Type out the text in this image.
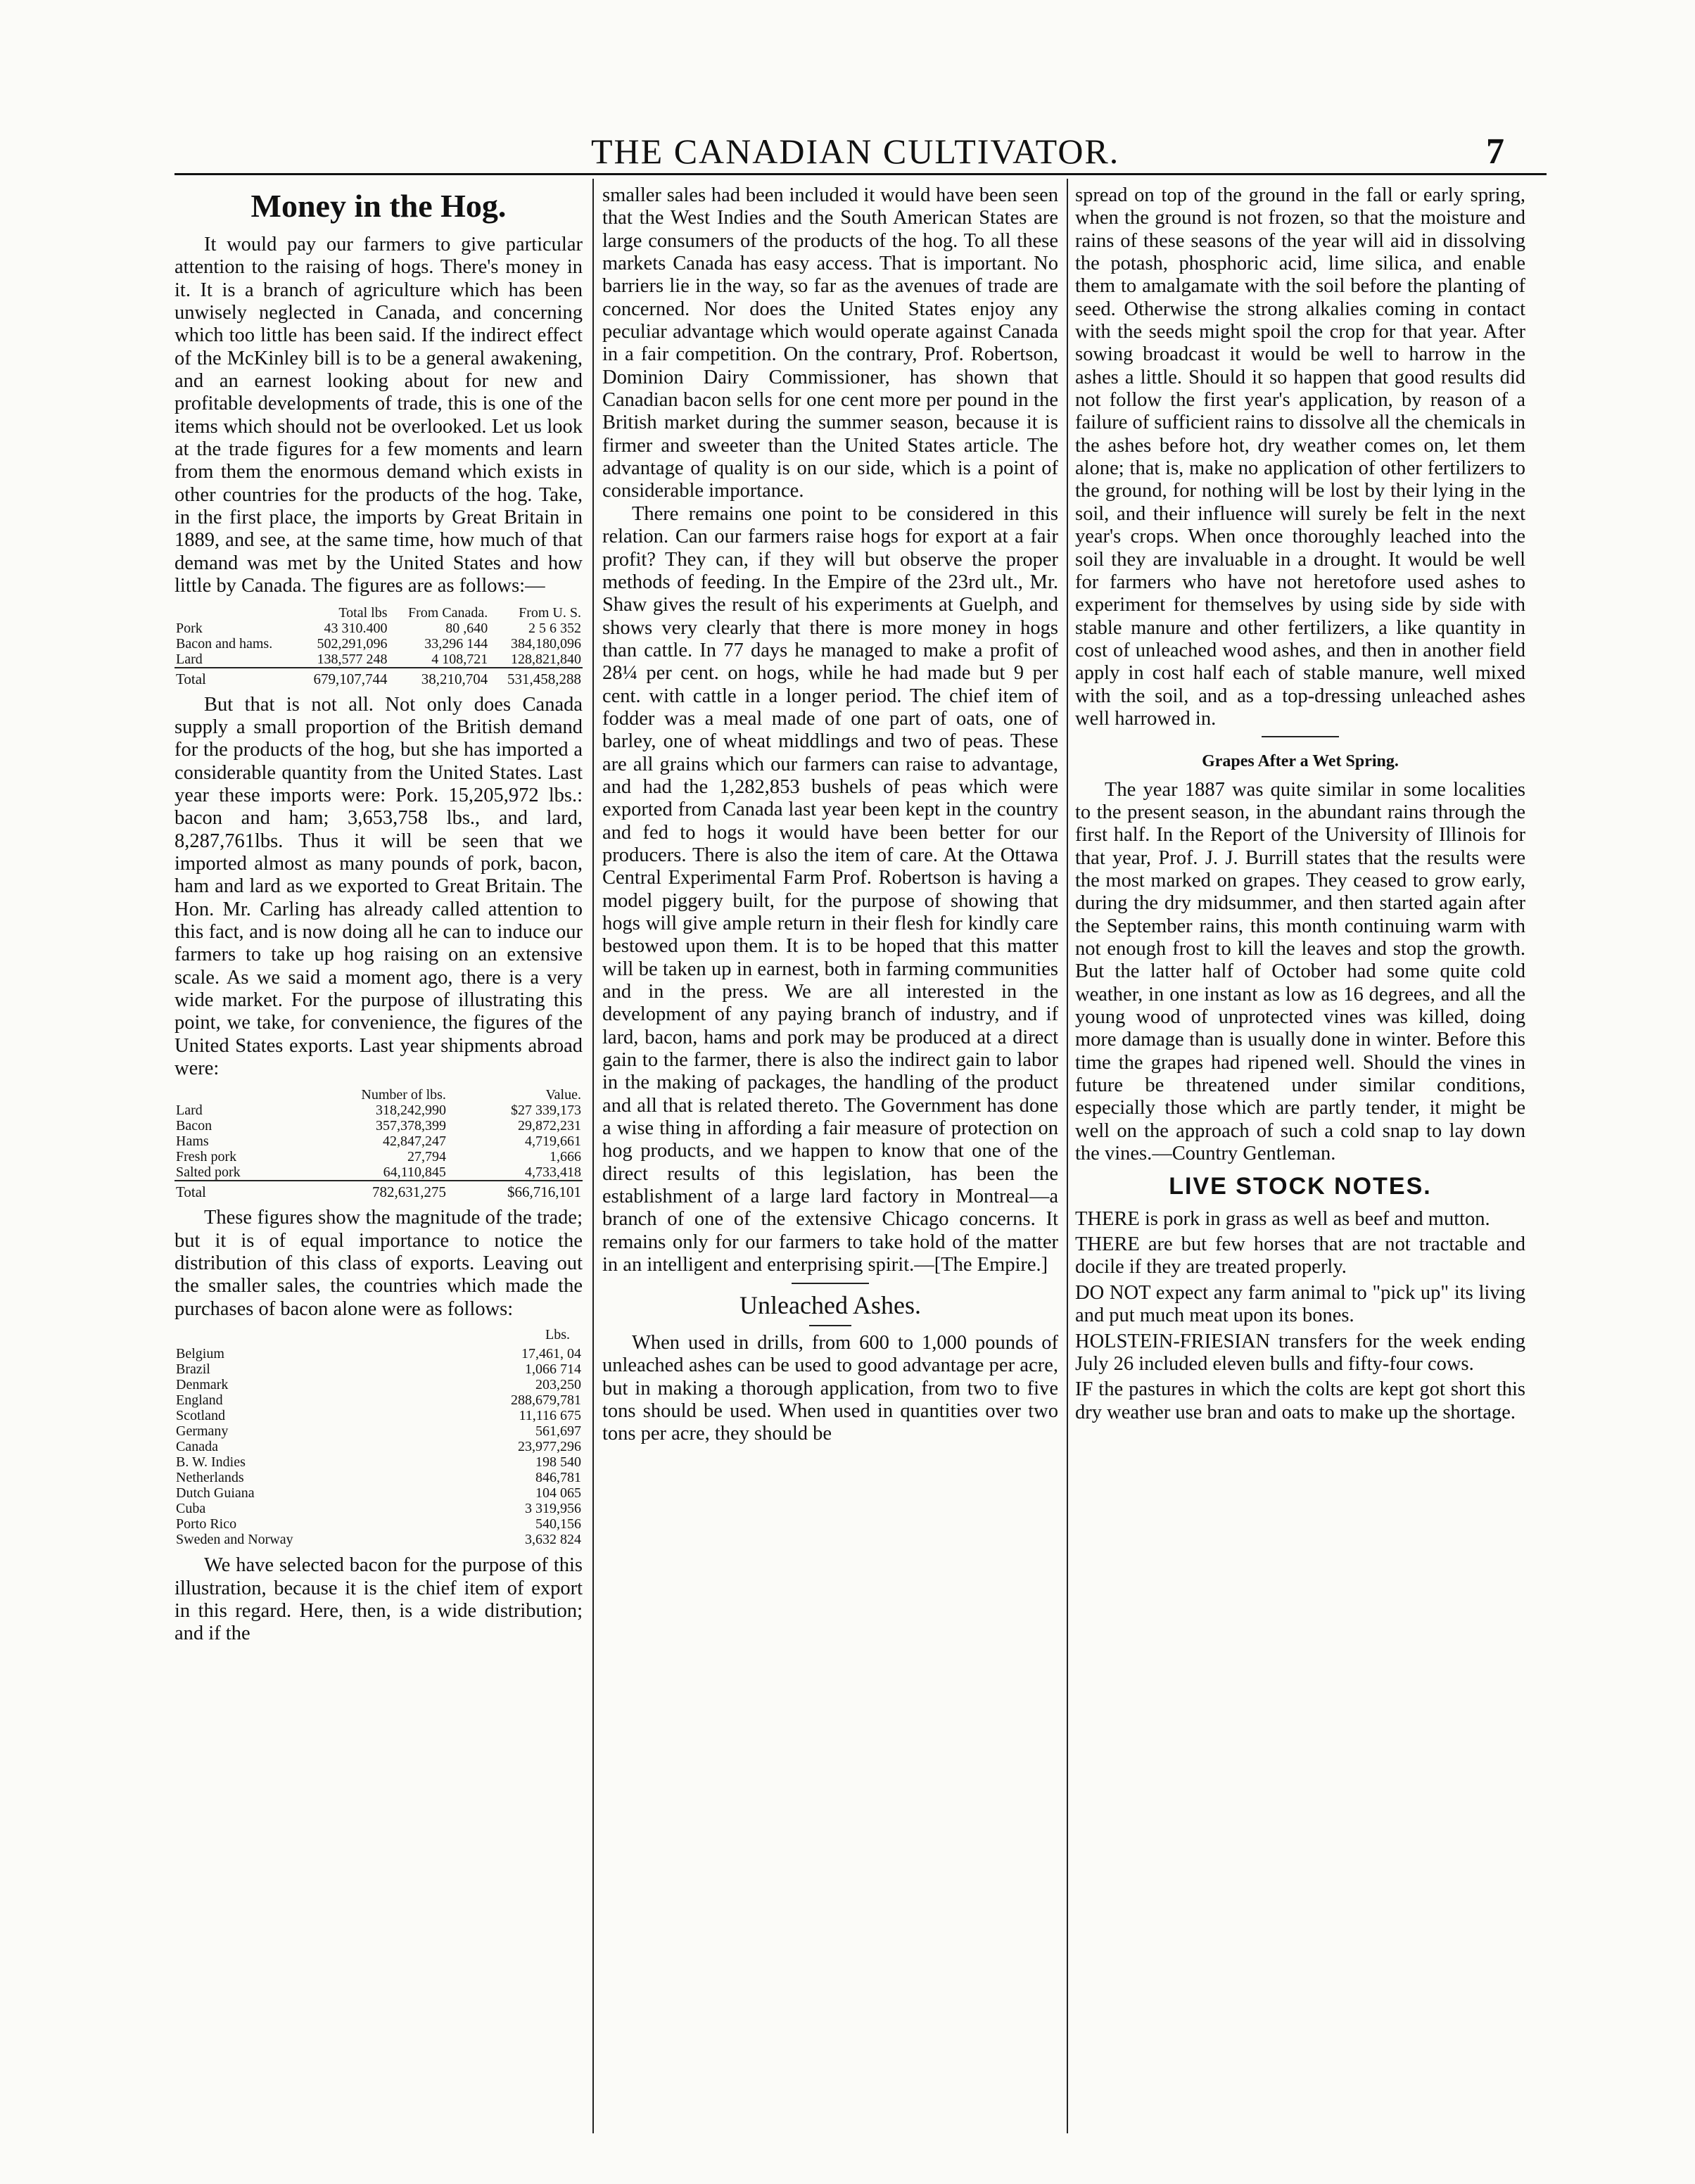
THE CANADIAN CULTIVATOR.	7
Money in the Hog.

It would pay our farmers to give particular attention to the raising of hogs. There's money in it. It is a branch of agriculture which has been unwisely neglected in Canada, and concerning which too little has been said. If the indirect effect of the McKinley bill is to be a general awakening, and an earnest looking about for new and profitable developments of trade, this is one of the items which should not be overlooked. Let us look at the trade figures for a few moments and learn from them the enormous demand which exists in other countries for the products of the hog. Take, in the first place, the imports by Great Britain in 1889, and see, at the same time, how much of that demand was met by the United States and how little by Canada. The figures are as follows:—

	Total lbs	From Canada.	From U. S.
Pork	43 310.400	80 ,640	2 5 6 352
Bacon and hams.	502,291,096	33,296 144	384,180,096
Lard	138,577 248	4 108,721	128,821,840
Total	679,107,744	38,210,704	531,458,288

But that is not all. Not only does Canada supply a small proportion of the British demand for the products of the hog, but she has imported a considerable quantity from the United States. Last year these imports were: Pork. 15,205,972 lbs.: bacon and ham; 3,653,758 lbs., and lard, 8,287,761lbs. Thus it will be seen that we imported almost as many pounds of pork, bacon, ham and lard as we exported to Great Britain. The Hon. Mr. Carling has already called attention to this fact, and is now doing all he can to induce our farmers to take up hog raising on an extensive scale. As we said a moment ago, there is a very wide market. For the purpose of illustrating this point, we take, for convenience, the figures of the United States exports. Last year shipments abroad were:

	Number of lbs.	Value.
Lard	318,242,990	$27 339,173
Bacon	357,378,399	29,872,231
Hams	42,847,247	4,719,661
Fresh pork	27,794	1,666
Salted pork	64,110,845	4,733,418
Total	782,631,275	$66,716,101

These figures show the magnitude of the trade; but it is of equal importance to notice the distribution of this class of exports. Leaving out the smaller sales, the countries which made the purchases of bacon alone were as follows:

Lbs.
Belgium	17,461, 04
Brazil	1,066 714
Denmark	203,250
England	288,679,781
Scotland	11,116 675
Germany	561,697
Canada	23,977,296
B. W. Indies	198 540
Netherlands	846,781
Dutch Guiana	104 065
Cuba	3 319,956
Porto Rico	540,156
Sweden and Norway	3,632 824

We have selected bacon for the purpose of this illustration, because it is the chief item of export in this regard. Here, then, is a wide distribution; and if the

smaller sales had been included it would have been seen that the West Indies and the South American States are large consumers of the products of the hog. To all these markets Canada has easy access. That is important. No barriers lie in the way, so far as the avenues of trade are concerned. Nor does the United States enjoy any peculiar advantage which would operate against Canada in a fair competition. On the contrary, Prof. Robertson, Dominion Dairy Commissioner, has shown that Canadian bacon sells for one cent more per pound in the British market during the summer season, because it is firmer and sweeter than the United States article. The advantage of quality is on our side, which is a point of considerable importance.

There remains one point to be considered in this relation. Can our farmers raise hogs for export at a fair profit? They can, if they will but observe the proper methods of feeding. In the Empire of the 23rd ult., Mr. Shaw gives the result of his experiments at Guelph, and shows very clearly that there is more money in hogs than cattle. In 77 days he managed to make a profit of 28¼ per cent. on hogs, while he had made but 9 per cent. with cattle in a longer period. The chief item of fodder was a meal made of one part of oats, one of barley, one of wheat middlings and two of peas. These are all grains which our farmers can raise to advantage, and had the 1,282,853 bushels of peas which were exported from Canada last year been kept in the country and fed to hogs it would have been better for our producers. There is also the item of care. At the Ottawa Central Experimental Farm Prof. Robertson is having a model piggery built, for the purpose of showing that hogs will give ample return in their flesh for kindly care bestowed upon them. It is to be hoped that this matter will be taken up in earnest, both in farming communities and in the press. We are all interested in the development of any paying branch of industry, and if lard, bacon, hams and pork may be produced at a direct gain to the farmer, there is also the indirect gain to labor in the making of packages, the handling of the product and all that is related thereto. The Government has done a wise thing in affording a fair measure of protection on hog products, and we happen to know that one of the direct results of this legislation, has been the establishment of a large lard factory in Montreal—a branch of one of the extensive Chicago concerns. It remains only for our farmers to take hold of the matter in an intelligent and enterprising spirit.—[The Empire.]

Unleached Ashes.

When used in drills, from 600 to 1,000 pounds of unleached ashes can be used to good advantage per acre, but in making a thorough application, from two to five tons should be used. When used in quantities over two tons per acre, they should be

spread on top of the ground in the fall or early spring, when the ground is not frozen, so that the moisture and rains of these seasons of the year will aid in dissolving the potash, phosphoric acid, lime silica, and enable them to amalgamate with the soil before the planting of seed. Otherwise the strong alkalies coming in contact with the seeds might spoil the crop for that year. After sowing broadcast it would be well to harrow in the ashes a little. Should it so happen that good results did not follow the first year's application, by reason of a failure of sufficient rains to dissolve all the chemicals in the ashes before hot, dry weather comes on, let them alone; that is, make no application of other fertilizers to the ground, for nothing will be lost by their lying in the soil, and their influence will surely be felt in the next year's crops. When once thoroughly leached into the soil they are invaluable in a drought. It would be well for farmers who have not heretofore used ashes to experiment for themselves by using side by side with stable manure and other fertilizers, a like quantity in cost of unleached wood ashes, and then in another field apply in cost half each of stable manure, well mixed with the soil, and as a top-dressing unleached ashes well harrowed in.

Grapes After a Wet Spring.

The year 1887 was quite similar in some localities to the present season, in the abundant rains through the first half. In the Report of the University of Illinois for that year, Prof. J. J. Burrill states that the results were the most marked on grapes. They ceased to grow early, during the dry midsummer, and then started again after the September rains, this month continuing warm with not enough frost to kill the leaves and stop the growth. But the latter half of October had some quite cold weather, in one instant as low as 16 degrees, and all the young wood of unprotected vines was killed, doing more damage than is usually done in winter. Before this time the grapes had ripened well. Should the vines in future be threatened under similar conditions, especially those which are partly tender, it might be well on the approach of such a cold snap to lay down the vines.—Country Gentleman.

LIVE STOCK NOTES.

THERE is pork in grass as well as beef and mutton.

THERE are but few horses that are not tractable and docile if they are treated properly.

DO NOT expect any farm animal to "pick up" its living and put much meat upon its bones.

HOLSTEIN-FRIESIAN transfers for the week ending July 26 included eleven bulls and fifty-four cows.

IF the pastures in which the colts are kept got short this dry weather use bran and oats to make up the shortage.
